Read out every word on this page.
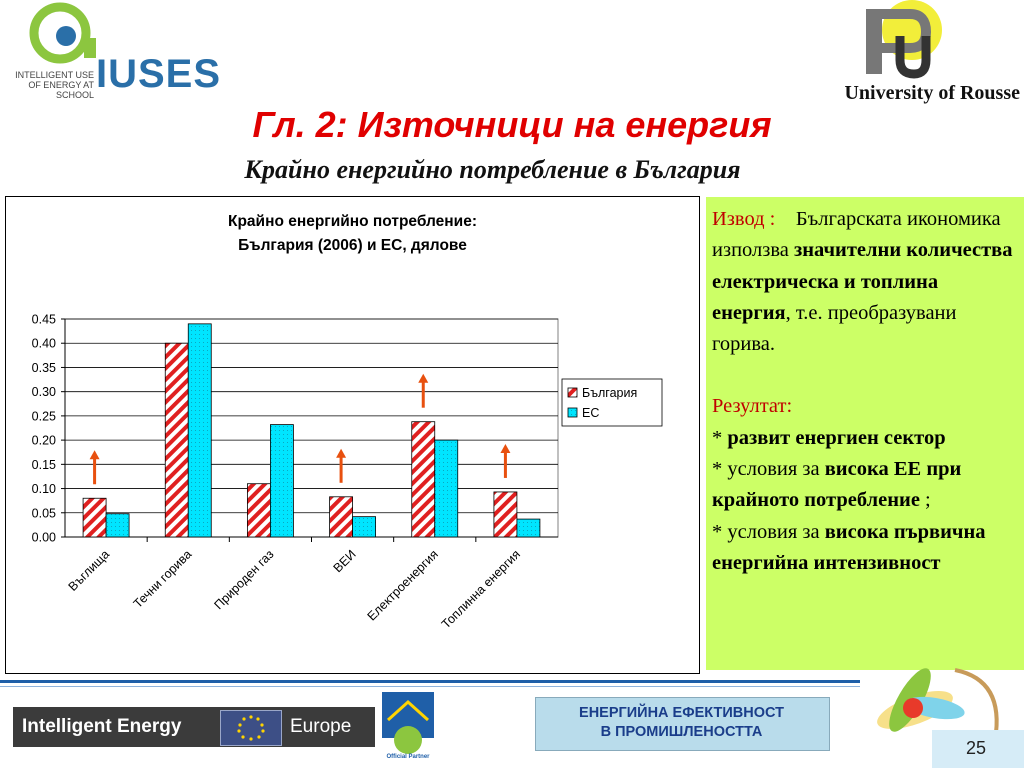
IUSES
INTELLIGENT USE
OF ENERGY AT SCHOOL	University of Rousse
Гл. 2: Източници на енергия
Крайно енергийно потребление в България
Крайно енергийно потребление:
България (2006) и ЕС, дялове
0.00
0.05
0.10
0.15
0.20
0.25
0.30
0.35
0.40
0.45
Въглища Течни горива Природен газ	ВЕИ Електроенергия
Топлинна енергия
България
ЕС
Извод : Българската икономика използва значителни количества електрическа и топлина енергия, т.е. преобразувани горива.
Резултат:
* развит енергиен сектор
* условия за висока ЕЕ при крайното потребление ;
* условия за висока първична енергийна интензивност
Intelligent Energy	Europe
Official Partner
ЕНЕРГИЙНА ЕФЕКТИВНОСТ
В ПРОМИШЛЕНОСТТА
25
